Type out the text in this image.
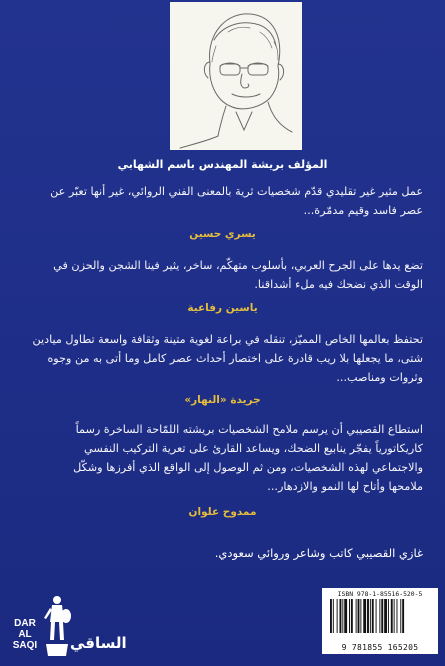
المؤلف بريشة المهندس باسم الشهابي
عمل مثير غير تقليدي قدّم شخصيات ثرية بالمعنى الفني الروائي، غير أنها تعبّر عن
عصر فاسد وقيم مدمّرة...
يسري حسين
تضع يدها على الجرح العربي، بأسلوب متهكّم، ساخر، يثير فينا الشجن والحزن في
الوقت الذي نضحك فيه ملء أشداقنا.
ياسين رفاعية
تحتفظ بعالمها الخاص المميّز، تنقله في براعة لغوية متينة وثقافة واسعة تطاول ميادين
شتى، ما يجعلها بلا ريب قادرة على اختصار أحداث عصر كامل وما أتى به من وجوه
وثروات ومناصب...
جريدة «النهار»
استطاع القصيبي أن يرسم ملامح الشخصيات بريشته اللمّاحة الساخرة رسماً
كاريكاتورياً يفجّر ينابيع الضحك، ويساعد القارئ على تعرية التركيب النفسي
والاجتماعي لهذه الشخصيات، ومن ثم الوصول إلى الواقع الذي أفرزها وشكّل
ملامحها وأتاح لها النمو والازدهار...
ممدوح علوان
غازي القصيبي كاتب وشاعر وروائي سعودي.
DAR
AL SAQI	الساقي
ISBN 978-1-85516-520-5
9 781855 165205
